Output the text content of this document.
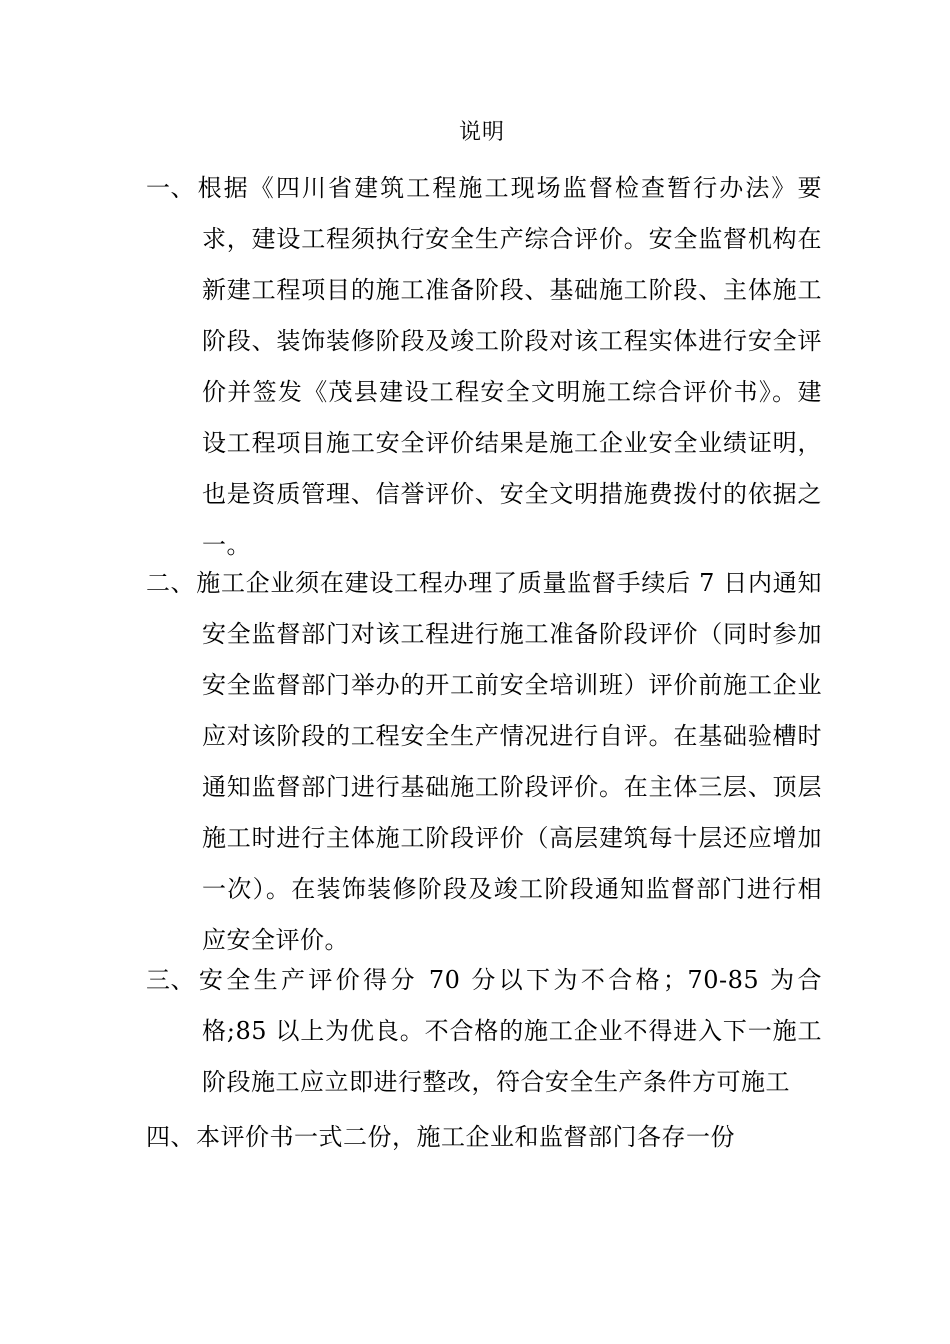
说明
一、根据《四川省建筑工程施工现场监督检查暂行办法》要求，建设工程须执行安全生产综合评价。安全监督机构在新建工程项目的施工准备阶段、基础施工阶段、主体施工阶段、装饰装修阶段及竣工阶段对该工程实体进行安全评价并签发《茂县建设工程安全文明施工综合评价书》。建设工程项目施工安全评价结果是施工企业安全业绩证明，也是资质管理、信誉评价、安全文明措施费拨付的依据之一。
二、施工企业须在建设工程办理了质量监督手续后 7 日内通知安全监督部门对该工程进行施工准备阶段评价（同时参加安全监督部门举办的开工前安全培训班）评价前施工企业应对该阶段的工程安全生产情况进行自评。在基础验槽时通知监督部门进行基础施工阶段评价。在主体三层、顶层施工时进行主体施工阶段评价（高层建筑每十层还应增加一次）。在装饰装修阶段及竣工阶段通知监督部门进行相应安全评价。
三、安全生产评价得分 70 分以下为不合格；70-85 为合格;85 以上为优良。不合格的施工企业不得进入下一施工阶段施工应立即进行整改，符合安全生产条件方可施工
四、本评价书一式二份，施工企业和监督部门各存一份
